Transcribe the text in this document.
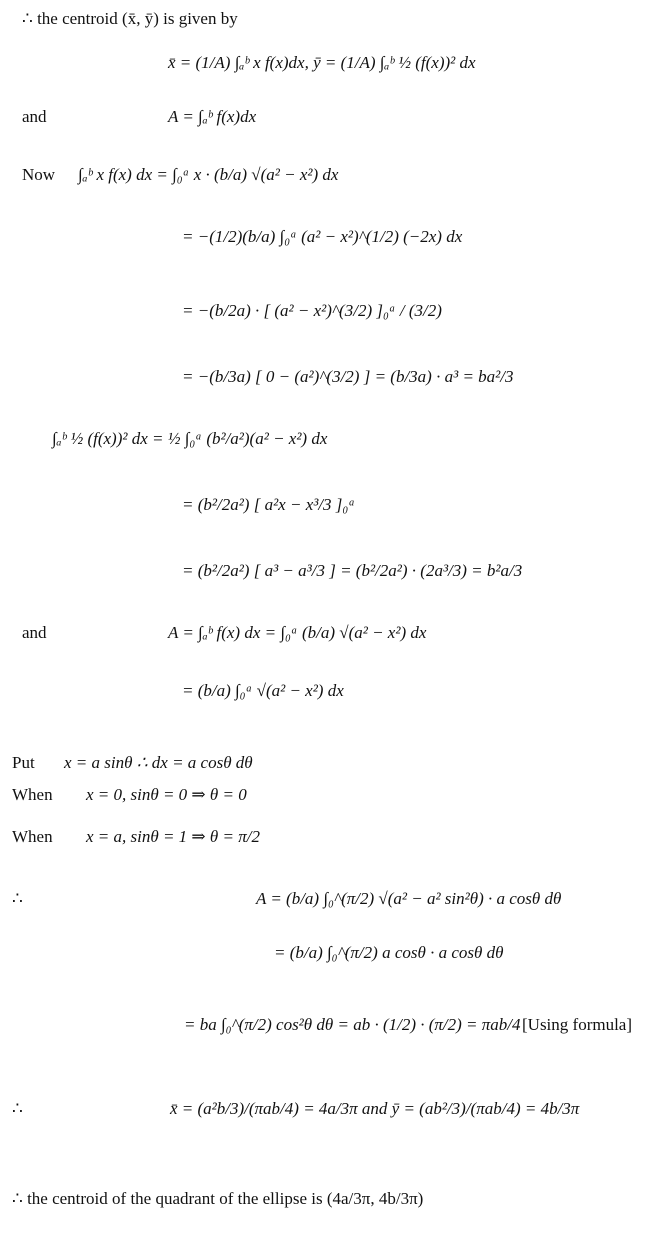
∴ the centroid (x̄, ȳ) is given by
x̄ = (1/A) ∫ₐᵇ x f(x)dx, ȳ = (1/A) ∫ₐᵇ ½ (f(x))² dx
and	A = ∫ₐᵇ f(x)dx
Now ∫ₐᵇ x f(x) dx = ∫₀ᵃ x · (b/a) √(a² − x²) dx
= −(1/2)(b/a) ∫₀ᵃ (a² − x²)^(1/2) (−2x) dx
= −(b/2a) · [ (a² − x²)^(3/2) ]₀ᵃ / (3/2)
= −(b/3a) [ 0 − (a²)^(3/2) ] = (b/3a) · a³ = ba²/3
∫ₐᵇ ½ (f(x))² dx = ½ ∫₀ᵃ (b²/a²)(a² − x²) dx
= (b²/2a²) [ a²x − x³/3 ]₀ᵃ
= (b²/2a²) [ a³ − a³/3 ] = (b²/2a²) · (2a³/3) = b²a/3
and	A = ∫ₐᵇ f(x) dx = ∫₀ᵃ (b/a) √(a² − x²) dx
= (b/a) ∫₀ᵃ √(a² − x²) dx
Put x = a sinθ ∴ dx = a cosθ dθ
When x = 0, sinθ = 0 ⇒ θ = 0
When x = a, sinθ = 1 ⇒ θ = π/2
∴	A = (b/a) ∫₀^(π/2) √(a² − a² sin²θ) · a cosθ dθ
= (b/a) ∫₀^(π/2) a cosθ · a cosθ dθ
= ba ∫₀^(π/2) cos²θ dθ = ab · (1/2) · (π/2) = πab/4 [Using formula]
∴	x̄ = (a²b/3)/(πab/4) = 4a/3π and ȳ = (ab²/3)/(πab/4) = 4b/3π
∴ the centroid of the quadrant of the ellipse is (4a/3π, 4b/3π)
